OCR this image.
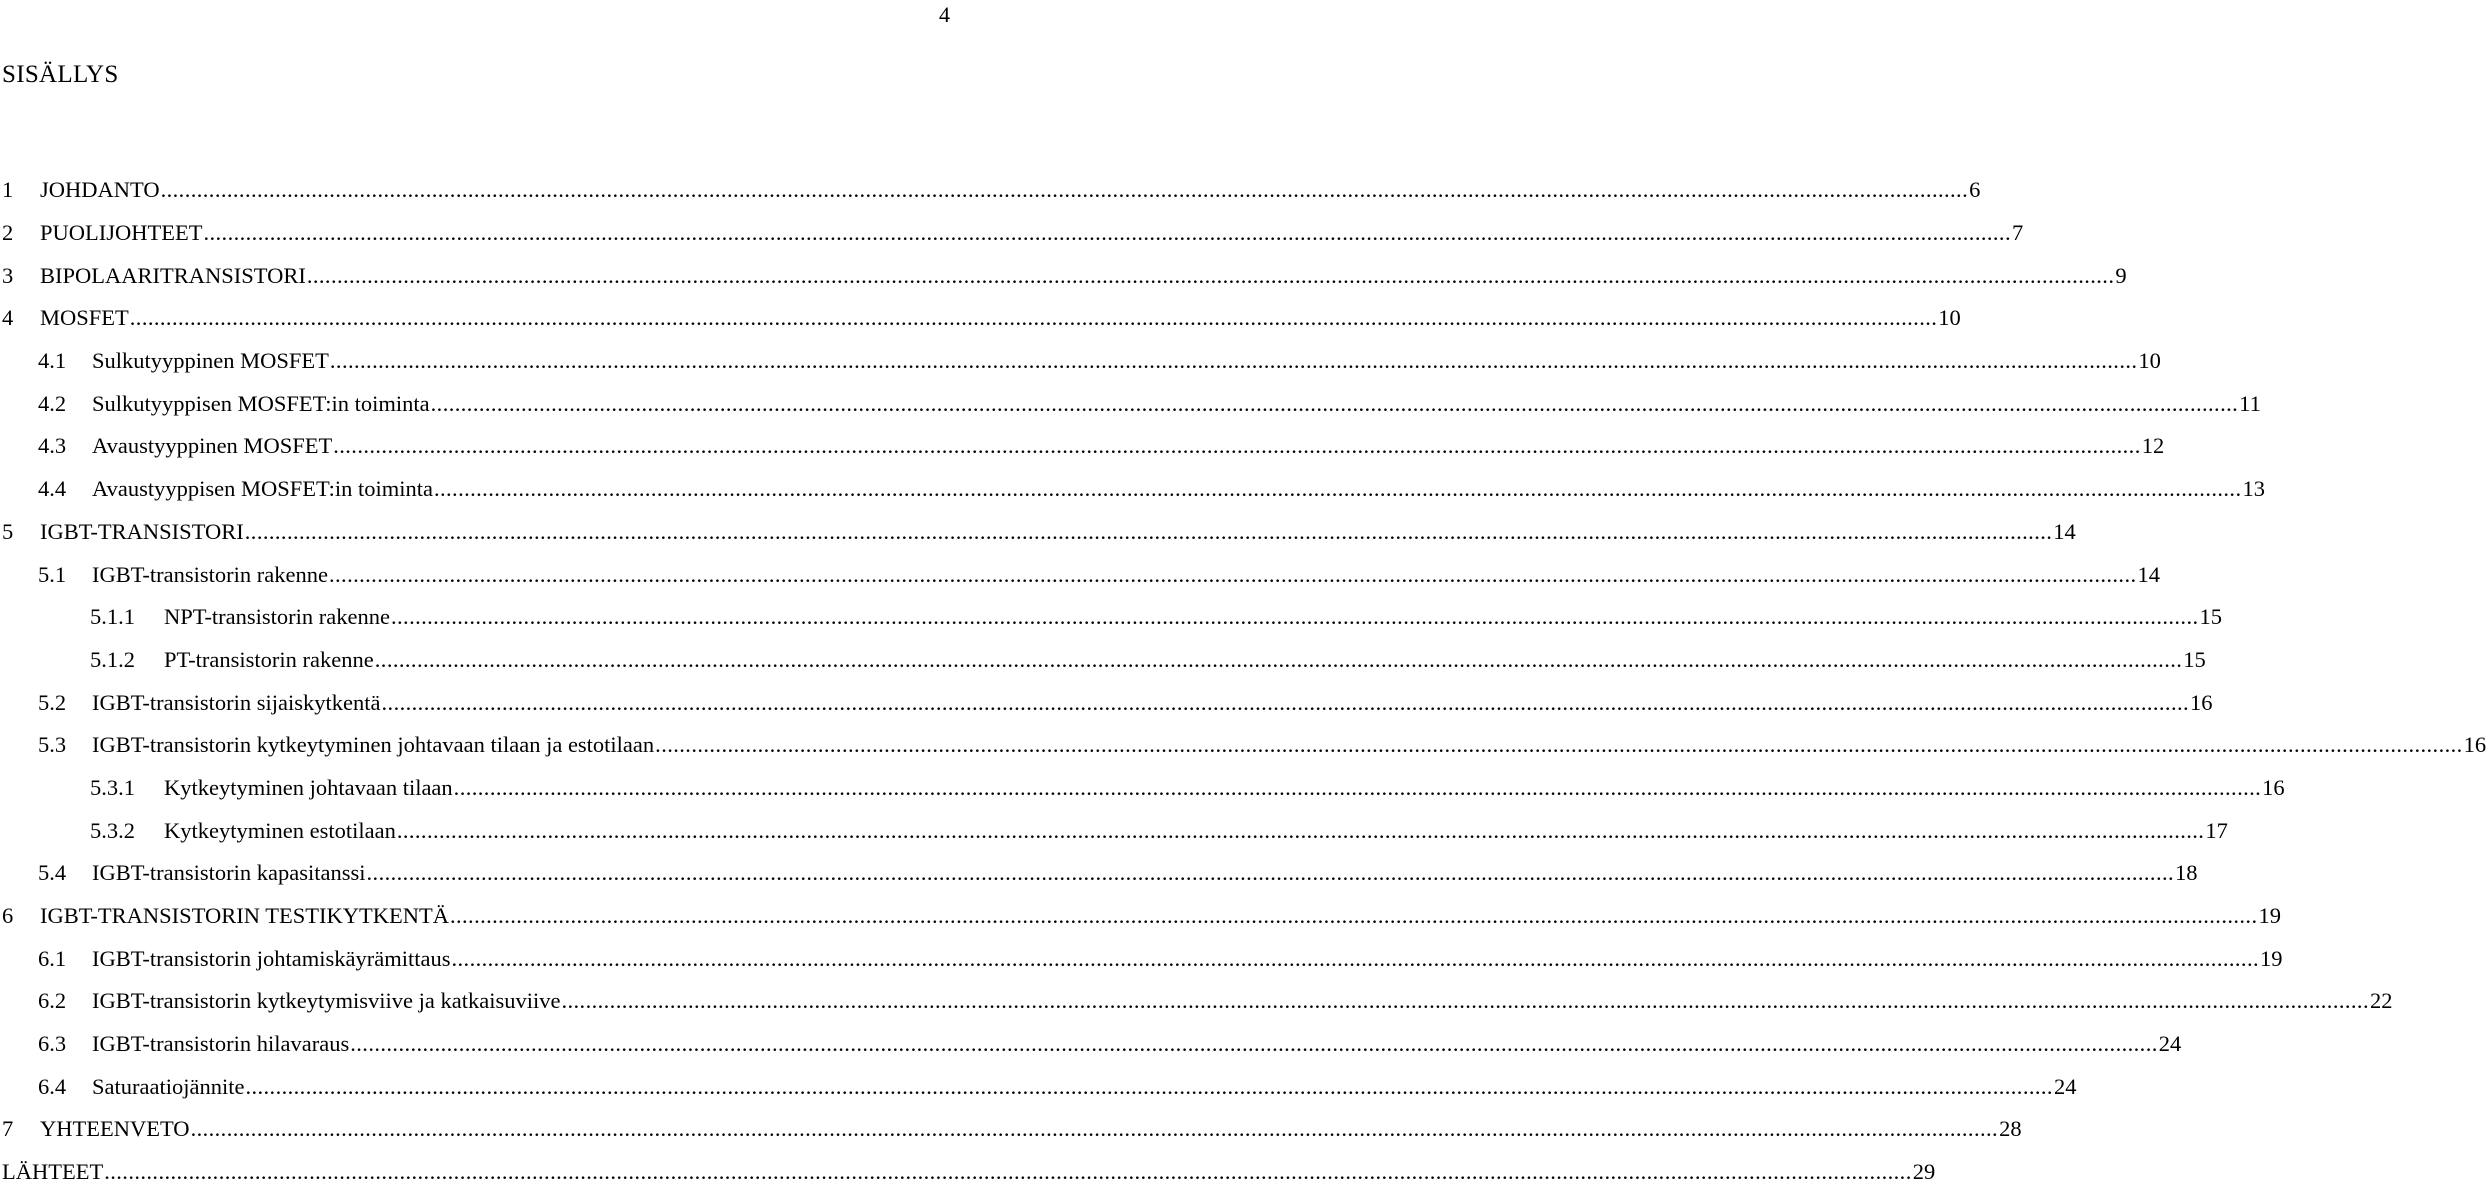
4
SISÄLLYS
1 JOHDANTO ............................................................................................................................................................................................................................................................................................................ 6
2 PUOLIJOHTEET ............................................................................................................................................................................................................................................................................................................ 7
3 BIPOLAARITRANSISTORI ............................................................................................................................................................................................................................................................................................................ 9
4 MOSFET ............................................................................................................................................................................................................................................................................................................ 10
4.1 Sulkutyyppinen MOSFET ............................................................................................................................................................................................................................................................................................................ 10
4.2 Sulkutyyppisen MOSFET:in toiminta ............................................................................................................................................................................................................................................................................................................ 11
4.3 Avaustyyppinen MOSFET ............................................................................................................................................................................................................................................................................................................ 12
4.4 Avaustyyppisen MOSFET:in toiminta ............................................................................................................................................................................................................................................................................................................ 13
5 IGBT-TRANSISTORI ............................................................................................................................................................................................................................................................................................................ 14
5.1 IGBT-transistorin rakenne ............................................................................................................................................................................................................................................................................................................ 14
5.1.1 NPT-transistorin rakenne ............................................................................................................................................................................................................................................................................................................ 15
5.1.2 PT-transistorin rakenne ............................................................................................................................................................................................................................................................................................................ 15
5.2 IGBT-transistorin sijaiskytkentä ............................................................................................................................................................................................................................................................................................................ 16
5.3 IGBT-transistorin kytkeytyminen johtavaan tilaan ja estotilaan ............................................................................................................................................................................................................................................................................................................ 16
5.3.1 Kytkeytyminen johtavaan tilaan ............................................................................................................................................................................................................................................................................................................ 16
5.3.2 Kytkeytyminen estotilaan ............................................................................................................................................................................................................................................................................................................ 17
5.4 IGBT-transistorin kapasitanssi ............................................................................................................................................................................................................................................................................................................ 18
6 IGBT-TRANSISTORIN TESTIKYTKENTÄ ............................................................................................................................................................................................................................................................................................................ 19
6.1 IGBT-transistorin johtamiskäyrämittaus ............................................................................................................................................................................................................................................................................................................ 19
6.2 IGBT-transistorin kytkeytymisviive ja katkaisuviive ............................................................................................................................................................................................................................................................................................................ 22
6.3 IGBT-transistorin hilavaraus ............................................................................................................................................................................................................................................................................................................ 24
6.4 Saturaatiojännite ............................................................................................................................................................................................................................................................................................................ 24
7 YHTEENVETO ............................................................................................................................................................................................................................................................................................................ 28
LÄHTEET ............................................................................................................................................................................................................................................................................................................ 29
